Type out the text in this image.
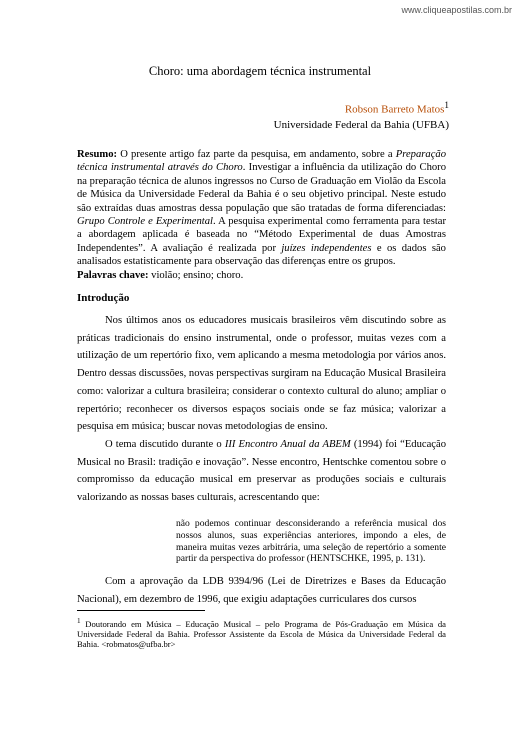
www.cliqueapostilas.com.br
Choro: uma abordagem técnica instrumental
Robson Barreto Matos$^1$
Universidade Federal da Bahia (UFBA)
Resumo: O presente artigo faz parte da pesquisa, em andamento, sobre a Preparação técnica instrumental através do Choro. Investigar a influência da utilização do Choro na preparação técnica de alunos ingressos no Curso de Graduação em Violão da Escola de Música da Universidade Federal da Bahia é o seu objetivo principal. Neste estudo são extraídas duas amostras dessa população que são tratadas de forma diferenciadas: Grupo Controle e Experimental. A pesquisa experimental como ferramenta para testar a abordagem aplicada é baseada no “Método Experimental de duas Amostras Independentes”. A avaliação é realizada por juízes independentes e os dados são analisados estatisticamente para observação das diferenças entre os grupos.
Palavras chave: violão; ensino; choro.
Introdução
Nos últimos anos os educadores musicais brasileiros vêm discutindo sobre as práticas tradicionais do ensino instrumental, onde o professor, muitas vezes com a utilização de um repertório fixo, vem aplicando a mesma metodologia por vários anos. Dentro dessas discussões, novas perspectivas surgiram na Educação Musical Brasileira como: valorizar a cultura brasileira; considerar o contexto cultural do aluno; ampliar o repertório; reconhecer os diversos espaços sociais onde se faz música; valorizar a pesquisa em música; buscar novas metodologias de ensino.
O tema discutido durante o III Encontro Anual da ABEM (1994) foi “Educação Musical no Brasil: tradição e inovação”. Nesse encontro, Hentschke comentou sobre o compromisso da educação musical em preservar as produções sociais e culturais valorizando as nossas bases culturais, acrescentando que:
não podemos continuar desconsiderando a referência musical dos nossos alunos, suas experiências anteriores, impondo a eles, de maneira muitas vezes arbitrária, uma seleção de repertório a somente partir da perspectiva do professor (HENTSCHKE, 1995, p. 131).
Com a aprovação da LDB 9394/96 (Lei de Diretrizes e Bases da Educação Nacional), em dezembro de 1996, que exigiu adaptações curriculares dos cursos
$^1$ Doutorando em Música – Educação Musical – pelo Programa de Pós-Graduação em Música da Universidade Federal da Bahia. Professor Assistente da Escola de Música da Universidade Federal da Bahia. <robmatos@ufba.br>
